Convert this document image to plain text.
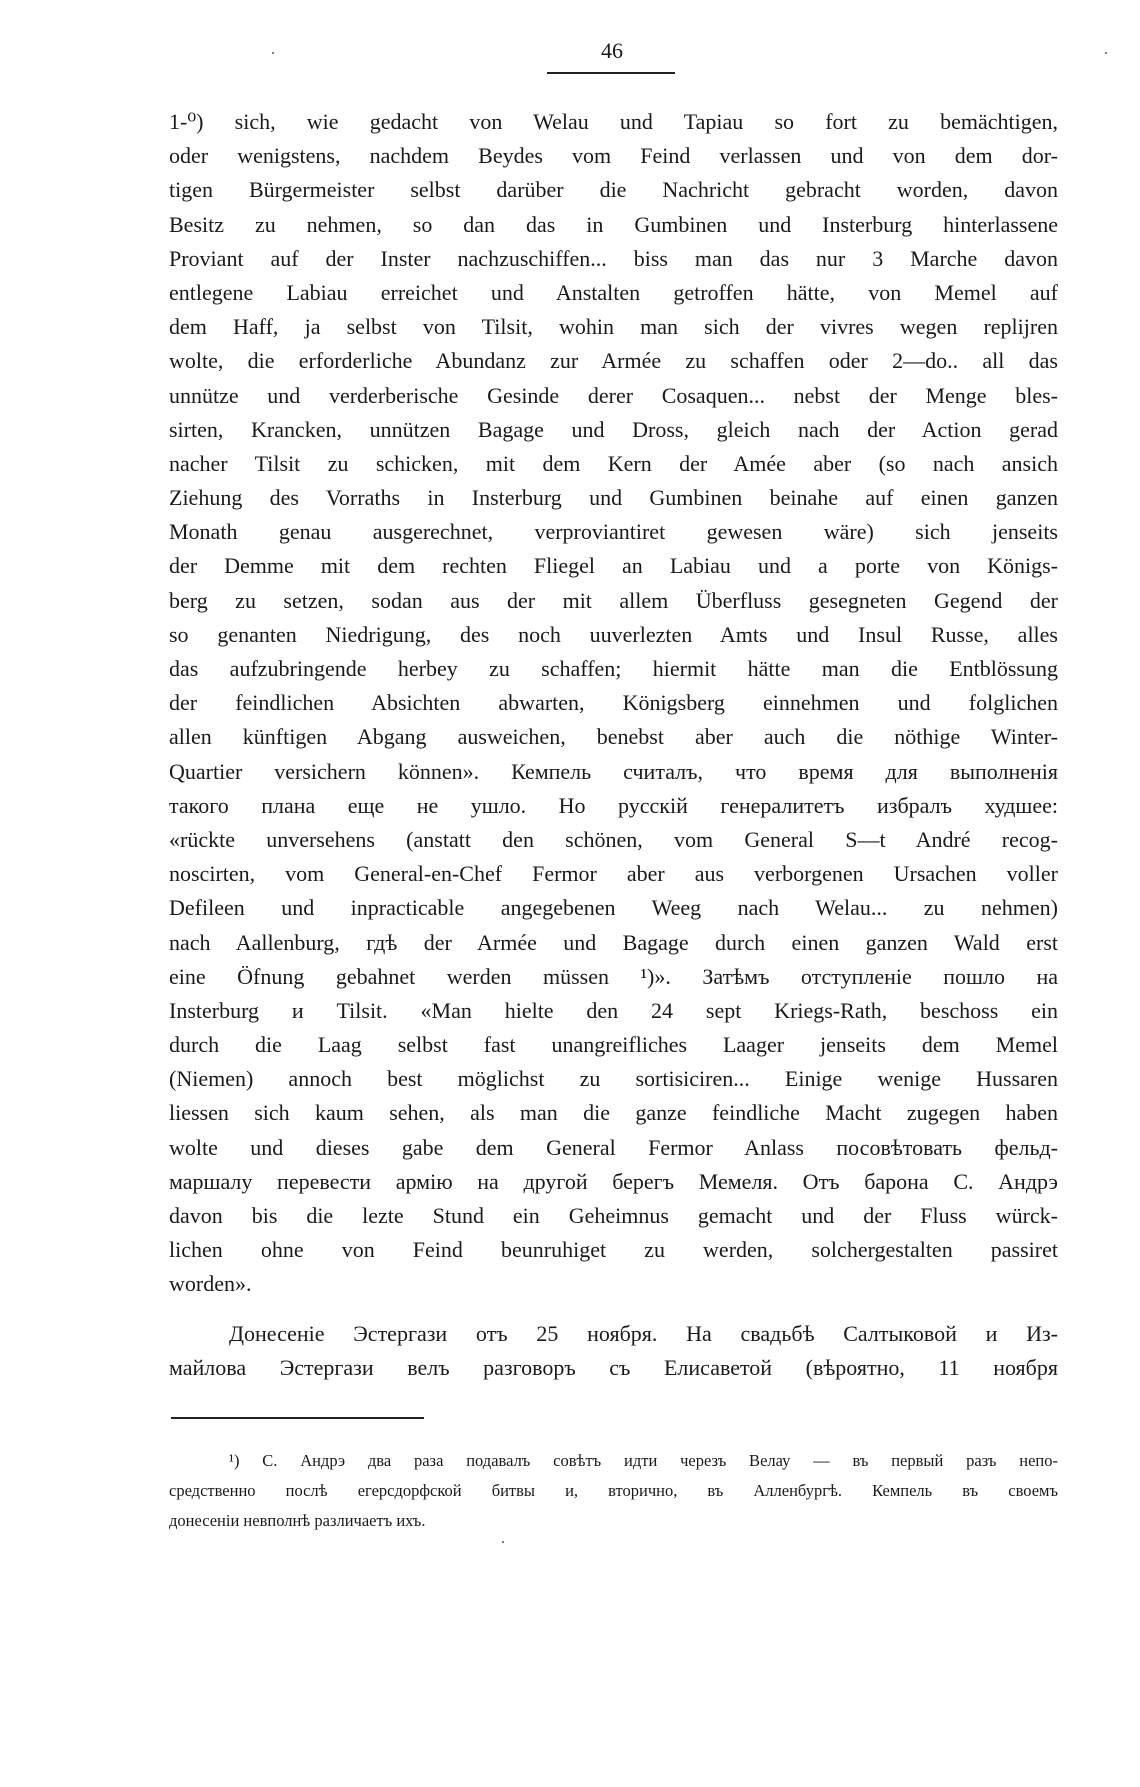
46
1-⁰) sich, wie gedacht von Welau und Tapiau so fort zu bemächtigen,
oder wenigstens, nachdem Beydes vom Feind verlassen und von dem dor-
tigen Bürgermeister selbst darüber die Nachricht gebracht worden, davon
Besitz zu nehmen, so dan das in Gumbinen und Insterburg hinterlassene
Proviant auf der Inster nachzuschiffen... biss man das nur 3 Marche davon
entlegene Labiau erreichet und Anstalten getroffen hätte, von Memel auf
dem Haff, ja selbst von Tilsit, wohin man sich der vivres wegen replijren
wolte, die erforderliche Abundanz zur Armée zu schaffen oder 2—do.. all das
unnütze und verderberische Gesinde derer Cosaquen... nebst der Menge bles-
sirten, Krancken, unnützen Bagage und Dross, gleich nach der Action gerad
nacher Tilsit zu schicken, mit dem Kern der Amée aber (so nach ansich
Ziehung des Vorraths in Insterburg und Gumbinen beinahe auf einen ganzen
Monath genau ausgerechnet, verproviantiret gewesen wäre) sich jenseits
der Demme mit dem rechten Fliegel an Labiau und a porte von Königs-
berg zu setzen, sodan aus der mit allem Überfluss gesegneten Gegend der
so genanten Niedrigung, des noch uuverlezten Amts und Insul Russe, alles
das aufzubringende herbey zu schaffen; hiermit hätte man die Entblössung
der feindlichen Absichten abwarten, Königsberg einnehmen und folglichen
allen künftigen Abgang ausweichen, benebst aber auch die nöthige Winter-
Quartier versichern können». Кемпель считалъ, что время для выполненія
такого плана еще не ушло. Но русскій генералитетъ избралъ худшее:
«rückte unversehens (anstatt den schönen, vom General S—t André recog-
noscirten, vom General-en-Chef Fermor aber aus verborgenen Ursachen voller
Defileen und inpracticable angegebenen Weeg nach Welau... zu nehmen)
nach Aallenburg, гдѣ der Armée und Bagage durch einen ganzen Wald erst
eine Öfnung gebahnet werden müssen ¹)». Затѣмъ отступленіе пошло на
Insterburg и Tilsit. «Man hielte den 24 sept Kriegs-Rath, beschoss ein
durch die Laag selbst fast unangreifliches Laager jenseits dem Memel
(Niemen) annoch best möglichst zu sortisiciren... Einige wenige Hussaren
liessen sich kaum sehen, als man die ganze feindliche Macht zugegen haben
wolte und dieses gabe dem General Fermor Anlass посовѣтовать фельд-
маршалу перевести армію на другой берегъ Мемеля. Отъ барона С. Андрэ
davon bis die lezte Stund ein Geheimnus gemacht und der Fluss würck-
lichen ohne von Feind beunruhiget zu werden, solchergestalten passiret
worden».
Донесеніе Эстергази отъ 25 ноября. На свадьбѣ Салтыковой и Из-
майлова Эстергази велъ разговоръ съ Елисаветой (вѣроятно, 11 ноября
¹) С. Андрэ два раза подавалъ совѣтъ идти черезъ Велау — въ первый разъ непо-
средственно послѣ егерсдорфской битвы и, вторично, въ Алленбургѣ. Кемпель въ своемъ
донесеніи невполнѣ различаетъ ихъ.
